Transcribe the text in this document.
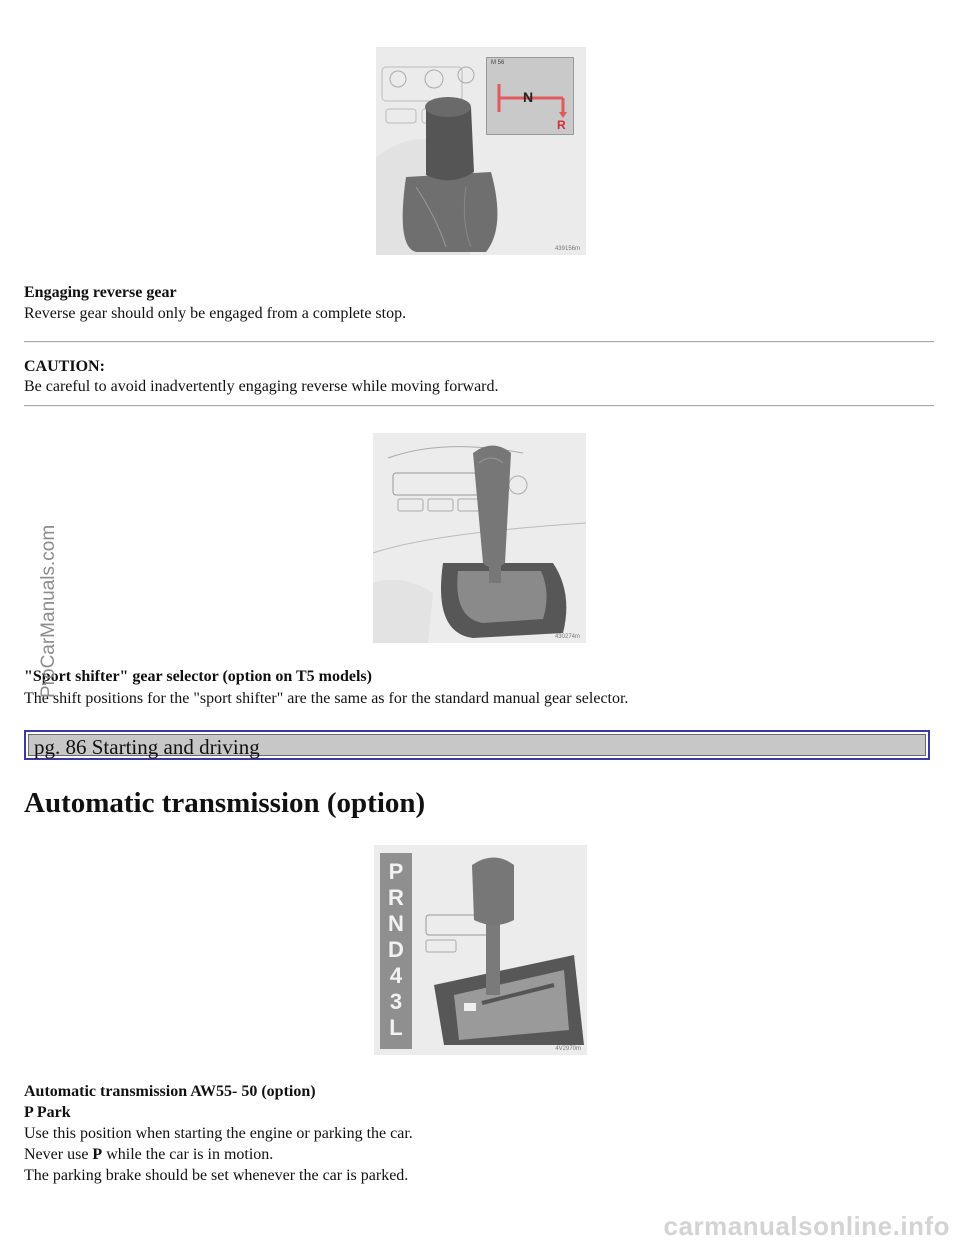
M 56
N
R
439156m
Engaging reverse gear
Reverse gear should only be engaged from a complete stop.
CAUTION:
Be careful to avoid inadvertently engaging reverse while moving forward.
430274m
"Sport shifter" gear selector (option on T5 models)
The shift positions for the "sport shifter" are the same as for the standard manual gear selector.
pg. 86 Starting and driving
Automatic transmission (option)
P
R
N
D
4
3
L
4V2970m
Automatic transmission AW55- 50 (option)
P Park
Use this position when starting the engine or parking the car.
Never use P while the car is in motion.
The parking brake should be set whenever the car is parked.
ProCarManuals.com
carmanualsonline.info
